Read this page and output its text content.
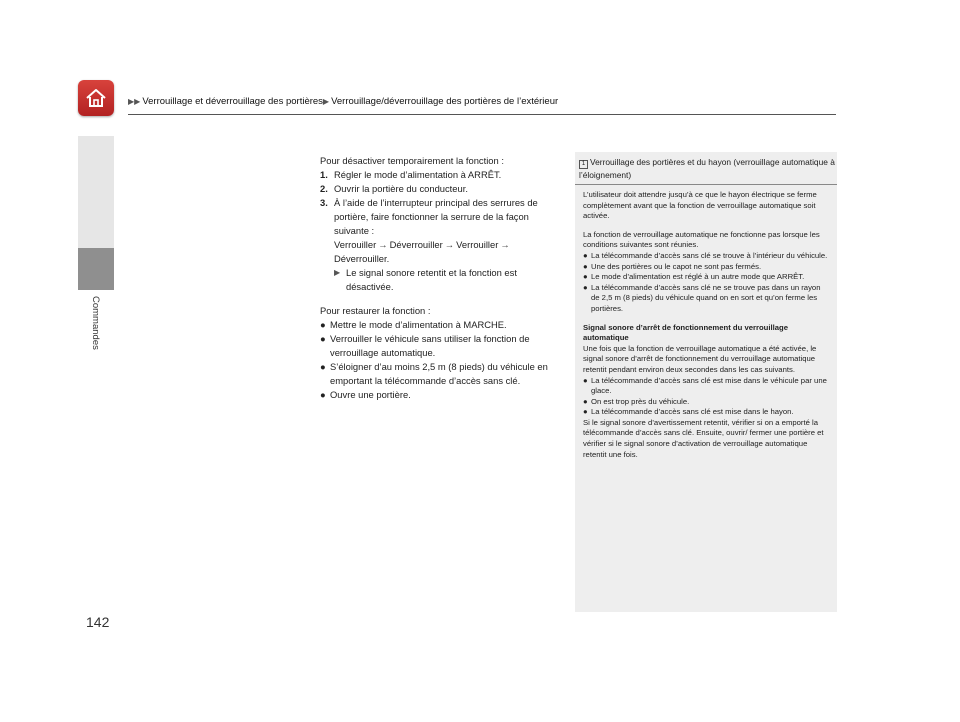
▶▶ Verrouillage et déverrouillage des portières▶ Verrouillage/déverrouillage des portières de l’extérieur
Commandes
142

Pour désactiver temporairement la fonction :

1. Régler le mode d’alimentation à ARRÊT.
2. Ouvrir la portière du conducteur.
3. À l’aide de l’interrupteur principal des serrures de portière, faire fonctionner la serrure de la façon suivante :
Verrouiller → Déverrouiller → Verrouiller →
Déverrouiller.
▶ Le signal sonore retentit et la fonction est désactivée.

Pour restaurer la fonction :

● Mettre le mode d’alimentation à MARCHE.
● Verrouiller le véhicule sans utiliser la fonction de verrouillage automatique.
● S’éloigner d’au moins 2,5 m (8 pieds) du véhicule en emportant la télécommande d’accès sans clé.
● Ouvre une portière.
1 Verrouillage des portières et du hayon (verrouillage automatique à l’éloignement)

L’utilisateur doit attendre jusqu’à ce que le hayon électrique se ferme complètement avant que la fonction de verrouillage automatique soit activée.

La fonction de verrouillage automatique ne fonctionne pas lorsque les conditions suivantes sont réunies.

● La télécommande d’accès sans clé se trouve à l’intérieur du véhicule.
● Une des portières ou le capot ne sont pas fermés.
● Le mode d’alimentation est réglé à un autre mode que ARRÊT.
● La télécommande d’accès sans clé ne se trouve pas dans un rayon de 2,5 m (8 pieds) du véhicule quand on en sort et qu’on ferme les portières.

Signal sonore d’arrêt de fonctionnement du verrouillage automatique

Une fois que la fonction de verrouillage automatique a été activée, le signal sonore d’arrêt de fonctionnement du verrouillage automatique retentit pendant environ deux secondes dans les cas suivants.

● La télécommande d’accès sans clé est mise dans le véhicule par une glace.
● On est trop près du véhicule.
● La télécommande d’accès sans clé est mise dans le hayon.

Si le signal sonore d’avertissement retentit, vérifier si on a emporté la télécommande d’accès sans clé. Ensuite, ouvrir/ fermer une portière et vérifier si le signal sonore d’activation de verrouillage automatique retentit une fois.
